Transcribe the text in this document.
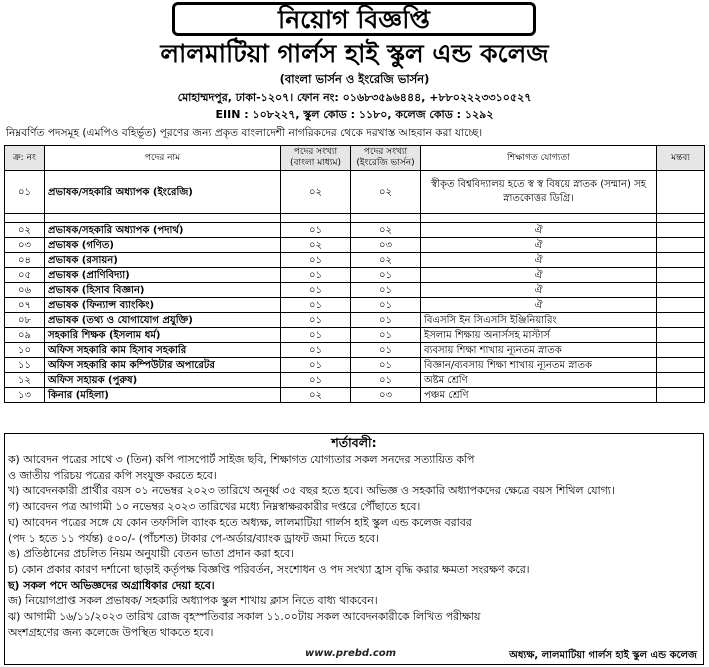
নিয়োগ বিজ্ঞপ্তি
লালমাটিয়া গার্লস হাই স্কুল এন্ড কলেজ
(বাংলা ভার্সন ও ইংরেজি ভার্সন)
মোহাম্মদপুর, ঢাকা-১২০৭। ফোন নং: ০১৬৮৩৫৯৬৪৪৪, +৮৮০২২২৩৩১০৫২৭
EIIN : ১০৮২২৭, স্কুল কোড : ১১৮০, কলেজ কোড : ১২৯২
নিম্নবর্ণিত পদসমূহ (এমপিও বহির্ভূত) পূরণের জন্য প্রকৃত বাংলাদেশী নাগরিকদের থেকে দরখাস্ত আহবান করা যাচ্ছে।
ক্র: নং	পদের নাম	পদের সংখ্যা (বাংলা মাধ্যম)	পদের সংখ্যা (ইংরেজি ভার্সন)	শিক্ষাগত যোগ্যতা	মন্তব্য
০১	প্রভাষক/সহকারি অধ্যাপক (ইংরেজি)	০২	০২	স্বীকৃত বিশ্ববিদ্যালয় হতে স্ব স্ব বিষয়ে স্নাতক (সম্মান) সহ স্নাতকোত্তর ডিগ্রি।	

০২	প্রভাষক/সহকারি অধ্যাপক (পদার্থ)	০১	০২	ঐ	
০৩	প্রভাষক (গণিত)	০২	০৩	ঐ	
০৪	প্রভাষক (রসায়ন)	০১	০২	ঐ	
০৫	প্রভাষক (প্রাণিবিদ্যা)	০১	০১	ঐ	
০৬	প্রভাষক (হিসাব বিজ্ঞান)	০১	০১	ঐ	
০৭	প্রভাষক (ফিন্যান্স ব্যাংকিং)	০১	০১	ঐ	
০৮	প্রভাষক (তথ্য ও যোগাযোগ প্রযুক্তি)	০১	০১	বিএসসি ইন সিএসসি ইঞ্জিনিয়ারিং	
০৯	সহকারি শিক্ষক (ইসলাম ধর্ম)	০১	০১	ইসলাম শিক্ষায় অনার্সসহ মাস্টার্স	
১০	অফিস সহকারি কাম হিসাব সহকারি	০১	০১	ব্যবসায় শিক্ষা শাখায় ন্যূনতম স্নাতক	
১১	অফিস সহকারি কাম কম্পিউটার অপারেটর	০১	০১	বিজ্ঞান/ব্যবসায় শিক্ষা শাখায় ন্যূনতম স্নাতক	
১২	অফিস সহায়ক (পুরুষ)	০১	০১	অষ্টম শ্রেণি	
১৩	কিনার (মহিলা)	০২	০৩	পঞ্চম শ্রেণি	
শর্তাবলী:
ক) আবেদন পত্রের সাথে ৩ (তিন) কপি পাসপোর্ট সাইজ ছবি, শিক্ষাগত যোগ্যতার সকল সনদের সত্যায়িত কপি
ও জাতীয় পরিচয় পত্রের কপি সংযুক্ত করতে হবে।
খ) আবেদনকারী প্রার্থীর বয়স ০১ নভেম্বর ২০২৩ তারিখে অনূর্ধ্ব ৩৫ বছর হতে হবে। অভিজ্ঞ ও সহকারি অধ্যাপকদের ক্ষেত্রে বয়স শিথিল যোগ্য।
গ) আবেদন পত্র আগামী ১০ নভেম্বর ২০২৩ তারিখের মধ্যে নিম্নস্বাক্ষরকারীর দপ্তরে পৌঁছাতে হবে।
ঘ) আবেদন পত্রের সঙ্গে যে কোন তফসিলি ব্যাংক হতে অধ্যক্ষ, লালমাটিয়া গার্লস হাই স্কুল এন্ড কলেজ বরাবর
(পদ ১ হতে ১১ পর্যন্ত) ৫০০/- (পাঁচশত) টাকার পে-অর্ডার/ব্যাংক ড্রাফট জমা দিতে হবে।
ঙ) প্রতিষ্ঠানের প্রচলিত নিয়ম অনুযায়ী বেতন ভাতা প্রদান করা হবে।
চ) কোন প্রকার কারণ দর্শানো ছাড়াই কর্তৃপক্ষ বিজ্ঞপ্তি পরিবর্তন, সংশোধন ও পদ সংখ্যা হ্রাস বৃদ্ধি করার ক্ষমতা সংরক্ষণ করে।
ছ) সকল পদে অভিজ্ঞদের অগ্রাধিকার দেয়া হবে।
জ) নিয়োগপ্রাপ্ত সকল প্রভাষক/ সহকারি অধ্যাপক স্কুল শাখায় ক্লাস নিতে বাধ্য থাকবেন।
ঝ) আগামী ১৬/১১/২০২৩ তারিখ রোজ বৃহস্পতিবার সকাল ১১.০০টায় সকল আবেদনকারীকে লিখিত পরীক্ষায়
অংশগ্রহণের জন্য কলেজে উপস্থিত থাকতে হবে।
www.prebd.com	অধ্যক্ষ, লালমাটিয়া গার্লস হাই স্কুল এন্ড কলেজ
